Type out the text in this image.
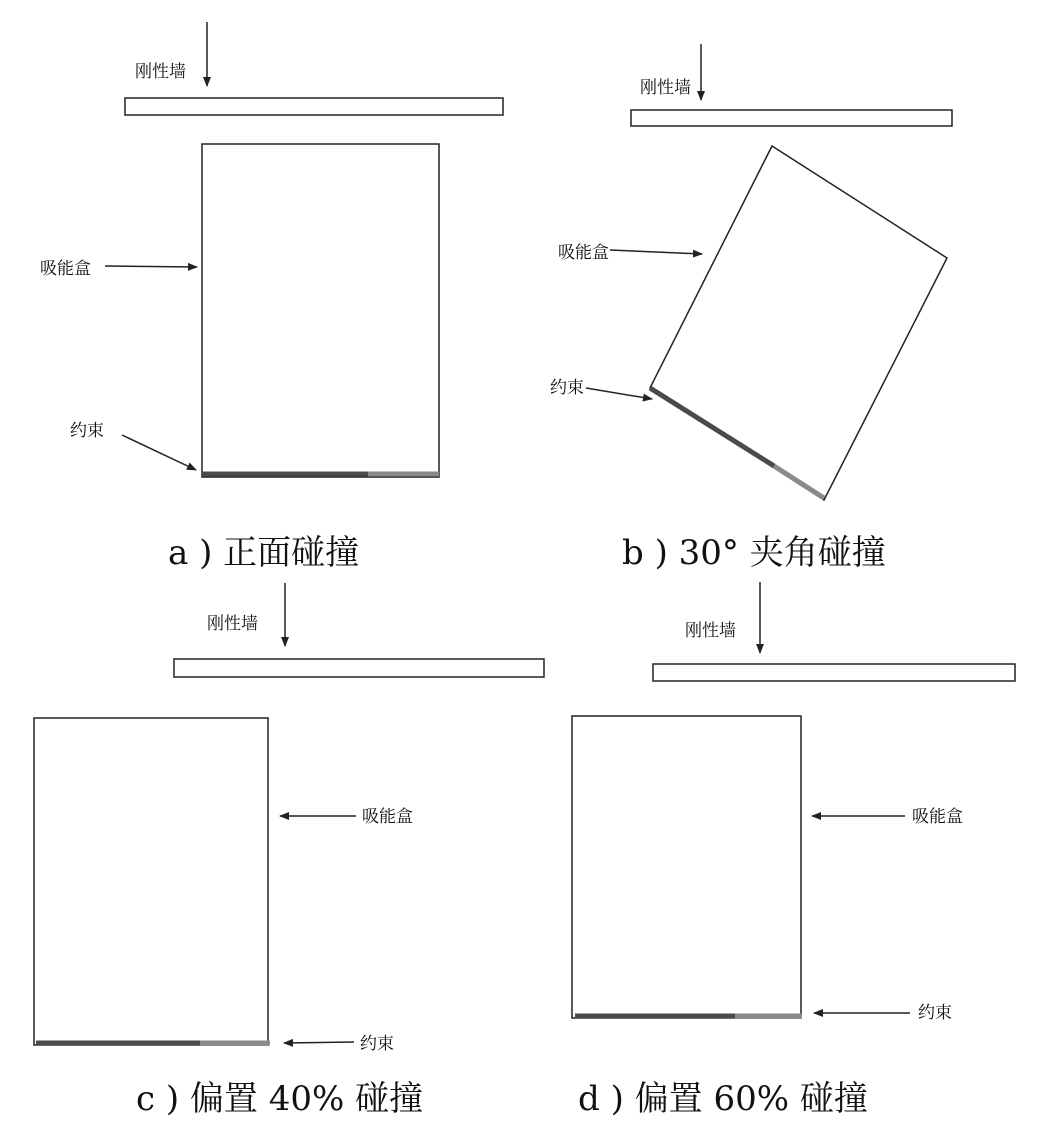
刚性墙
吸能盒
约束
a ) 正面碰撞
刚性墙
吸能盒
约束
b ) 30° 夹角碰撞
刚性墙
吸能盒
约束
c ) 偏置 40% 碰撞
刚性墙
吸能盒
约束
d ) 偏置 60% 碰撞
